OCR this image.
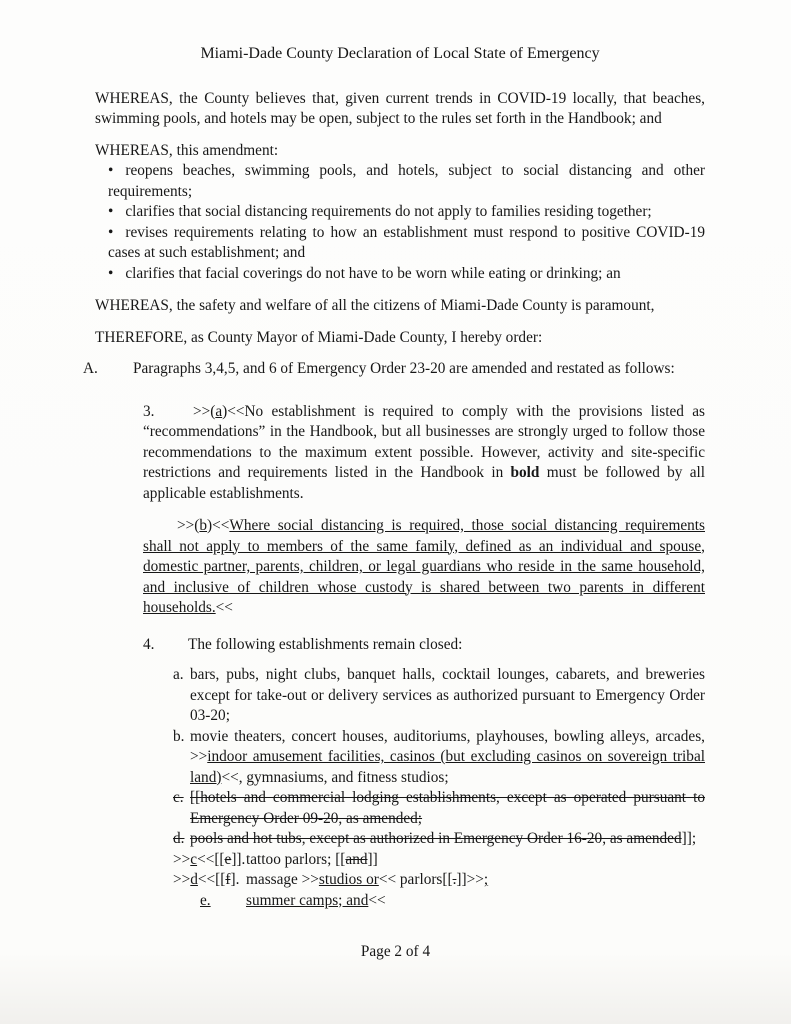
Miami-Dade County Declaration of Local State of Emergency

WHEREAS, the County believes that, given current trends in COVID-19 locally, that beaches, swimming pools, and hotels may be open, subject to the rules set forth in the Handbook; and

WHEREAS, this amendment:

• reopens beaches, swimming pools, and hotels, subject to social distancing and other requirements;
• clarifies that social distancing requirements do not apply to families residing together;
• revises requirements relating to how an establishment must respond to positive COVID-19 cases at such establishment; and
• clarifies that facial coverings do not have to be worn while eating or drinking; an

WHEREAS, the safety and welfare of all the citizens of Miami-Dade County is paramount,

THEREFORE, as County Mayor of Miami-Dade County, I hereby order:

A. Paragraphs 3,4,5, and 6 of Emergency Order 23-20 are amended and restated as follows:

3.	>>(a)<<No establishment is required to comply with the provisions listed as “recommendations” in the Handbook, but all businesses are strongly urged to follow those recommendations to the maximum extent possible. However, activity and site-specific restrictions and requirements listed in the Handbook in bold must be followed by all applicable establishments.

>>(b)<<Where social distancing is required, those social distancing requirements shall not apply to members of the same family, defined as an individual and spouse, domestic partner, parents, children, or legal guardians who reside in the same household, and inclusive of children whose custody is shared between two parents in different households.<<

4. The following establishments remain closed:

a. bars, pubs, night clubs, banquet halls, cocktail lounges, cabarets, and breweries except for take-out or delivery services as authorized pursuant to Emergency Order 03-20;
b. movie theaters, concert houses, auditoriums, playhouses, bowling alleys, arcades, >>indoor amusement facilities, casinos (but excluding casinos on sovereign tribal land)<<, gymnasiums, and fitness studios;
c. [[hotels and commercial lodging establishments, except as operated pursuant to Emergency Order 09-20, as amended;
d. pools and hot tubs, except as authorized in Emergency Order 16-20, as amended]];
>>c<<[[e]]. tattoo parlors; [[and]]
>>d<<[[f]. massage >>studios or<< parlors[[.]]>>;
e.	summer camps; and<<
Page 2 of 4
